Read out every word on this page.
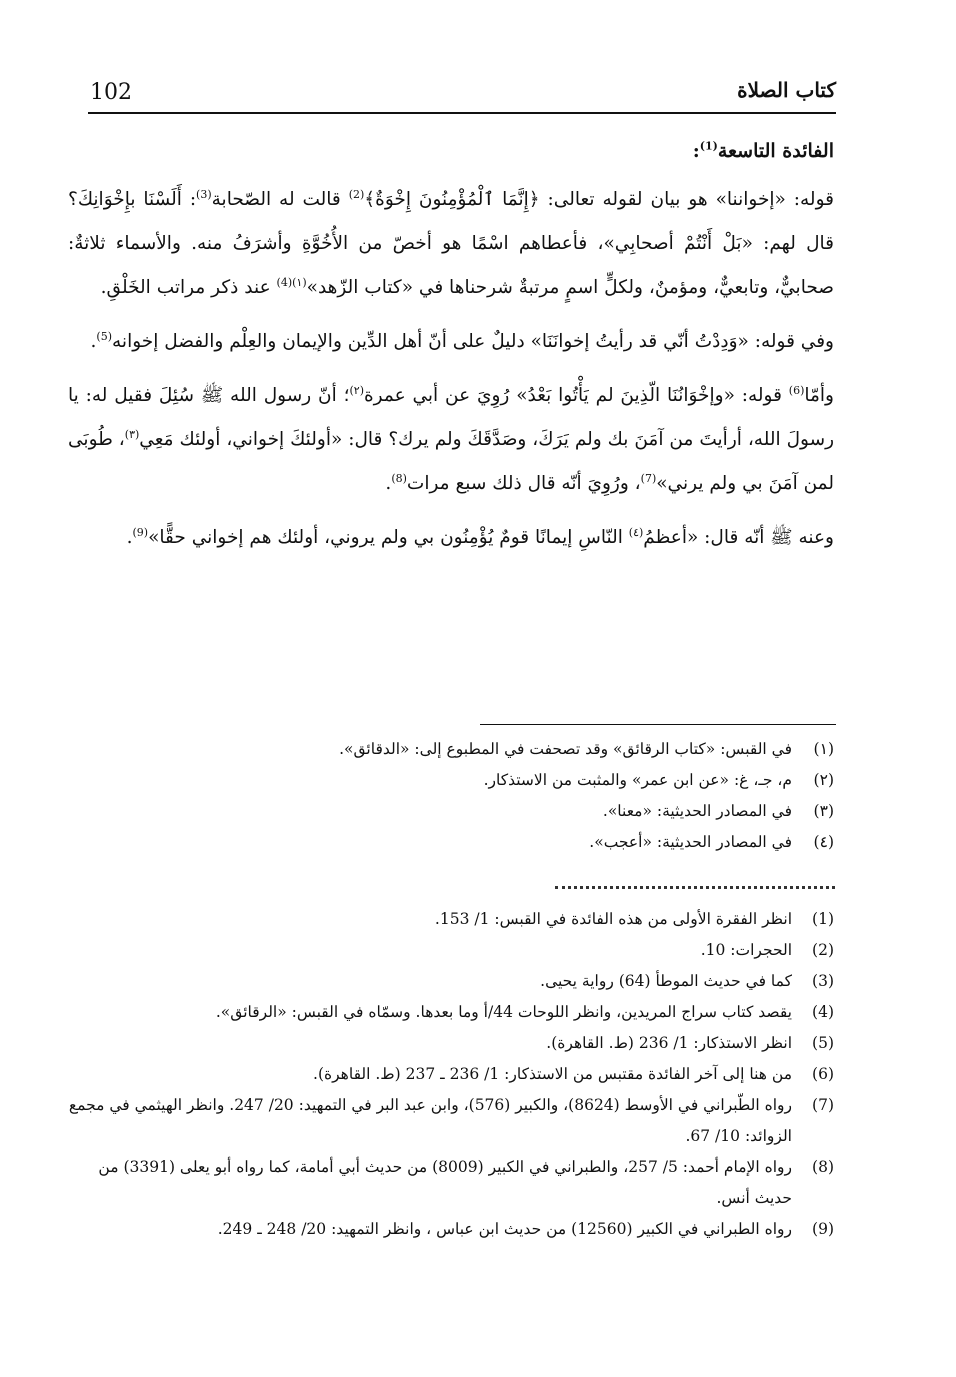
102	كتاب الصلاة
الفائدة التاسعة$^{(1)}$:

قوله: «إخواننا» هو بيان لقوله تعالى: ﴿إِنَّمَا ٱلْمُؤْمِنُونَ إِخْوَةٌ﴾$^{(2)}$ قالت له الصّحابة$^{(3)}$: أَلَسْنَا بإِخْوَانِكَ؟ قال لهم: «بَلْ أَنْتُمْ أصحابِي»، فأعطاهم اسْمًا هو أخصّ من الأُخُوَّةِ وأشرَفُ منه. والأسماء ثلاثةٌ: صحابيٌّ، وتابعيٌّ، ومؤمنٌ، ولكلٍّ اسمٍ مرتبةٌ شرحناها في «كتاب الزّهد»$^{(١)(4)}$ عند ذكر مراتب الخَلْقِ.

وفي قوله: «وَدِدْتُ أنّي قد رأيتُ إخوانَنَا» دليلٌ على أنّ أهل الدِّين والإيمان والعِلْم والفضل إخوانه$^{(5)}$.

وأمّا$^{(6)}$ قوله: «وإخْوَانُنَا الّذِينَ لم يَأْتُوا بَعْدُ» رُوِيَ عن أبي عمرة$^{(٢)}$؛ أنّ رسول الله ﷺ سُئِلَ فقيل له: يا رسولَ الله، أرأيتَ من آمَنَ بك ولم يَرَكَ، وصَدَّقَكَ ولم يرك؟ قال: «أولئكَ إخواني، أولئك مَعِي$^{(٣)}$، طُوبَى لمن آمَنَ بي ولم يرني»$^{(7)}$، ورُوِيَ أنّه قال ذلك سبع مرات$^{(8)}$.

وعنه ﷺ أنّه قال: «أعظمُ$^{(٤)}$ النّاسِ إيمانًا قومٌ يُؤْمِنُون بي ولم يروني، أولئك هم إخواني حقًّا»$^{(9)}$.

(١)
في القبس: «كتاب الرقائق» وقد تصحفت في المطبوع إلى: «الدقائق».
(٢)
م، جـ، غ: «عن ابن عمر» والمثبت من الاستذكار.
(٣)
في المصادر الحديثية: «معنا».
(٤)
في المصادر الحديثية: «أعجب».
(1)
انظر الفقرة الأولى من هذه الفائدة في القبس: 1/ 153.
(2)
الحجرات: 10.
(3)
كما في حديث الموطأ (64) رواية يحيى.
(4)
يقصد كتاب سراج المريدين، وانظر اللوحات 44/أ وما بعدها. وسمّاه في القبس: «الرقائق».
(5)
انظر الاستذكار: 1/ 236 (ط. القاهرة).
(6)
من هنا إلى آخر الفائدة مقتبس من الاستذكار: 1/ 236 ـ 237 (ط. القاهرة).
(7)
رواه الطّبراني في الأوسط (8624)، والكبير (576)، وابن عبد البر في التمهيد: 20/ 247. وانظر الهيثمي في مجمع الزوائد: 10/ 67.
(8)
رواه الإمام أحمد: 5/ 257، والطبراني في الكبير (8009) من حديث أبي أمامة، كما رواه أبو يعلى (3391) من حديث أنس.
(9)
رواه الطبراني في الكبير (12560) من حديث ابن عباس ، وانظر التمهيد: 20/ 248 ـ 249.
